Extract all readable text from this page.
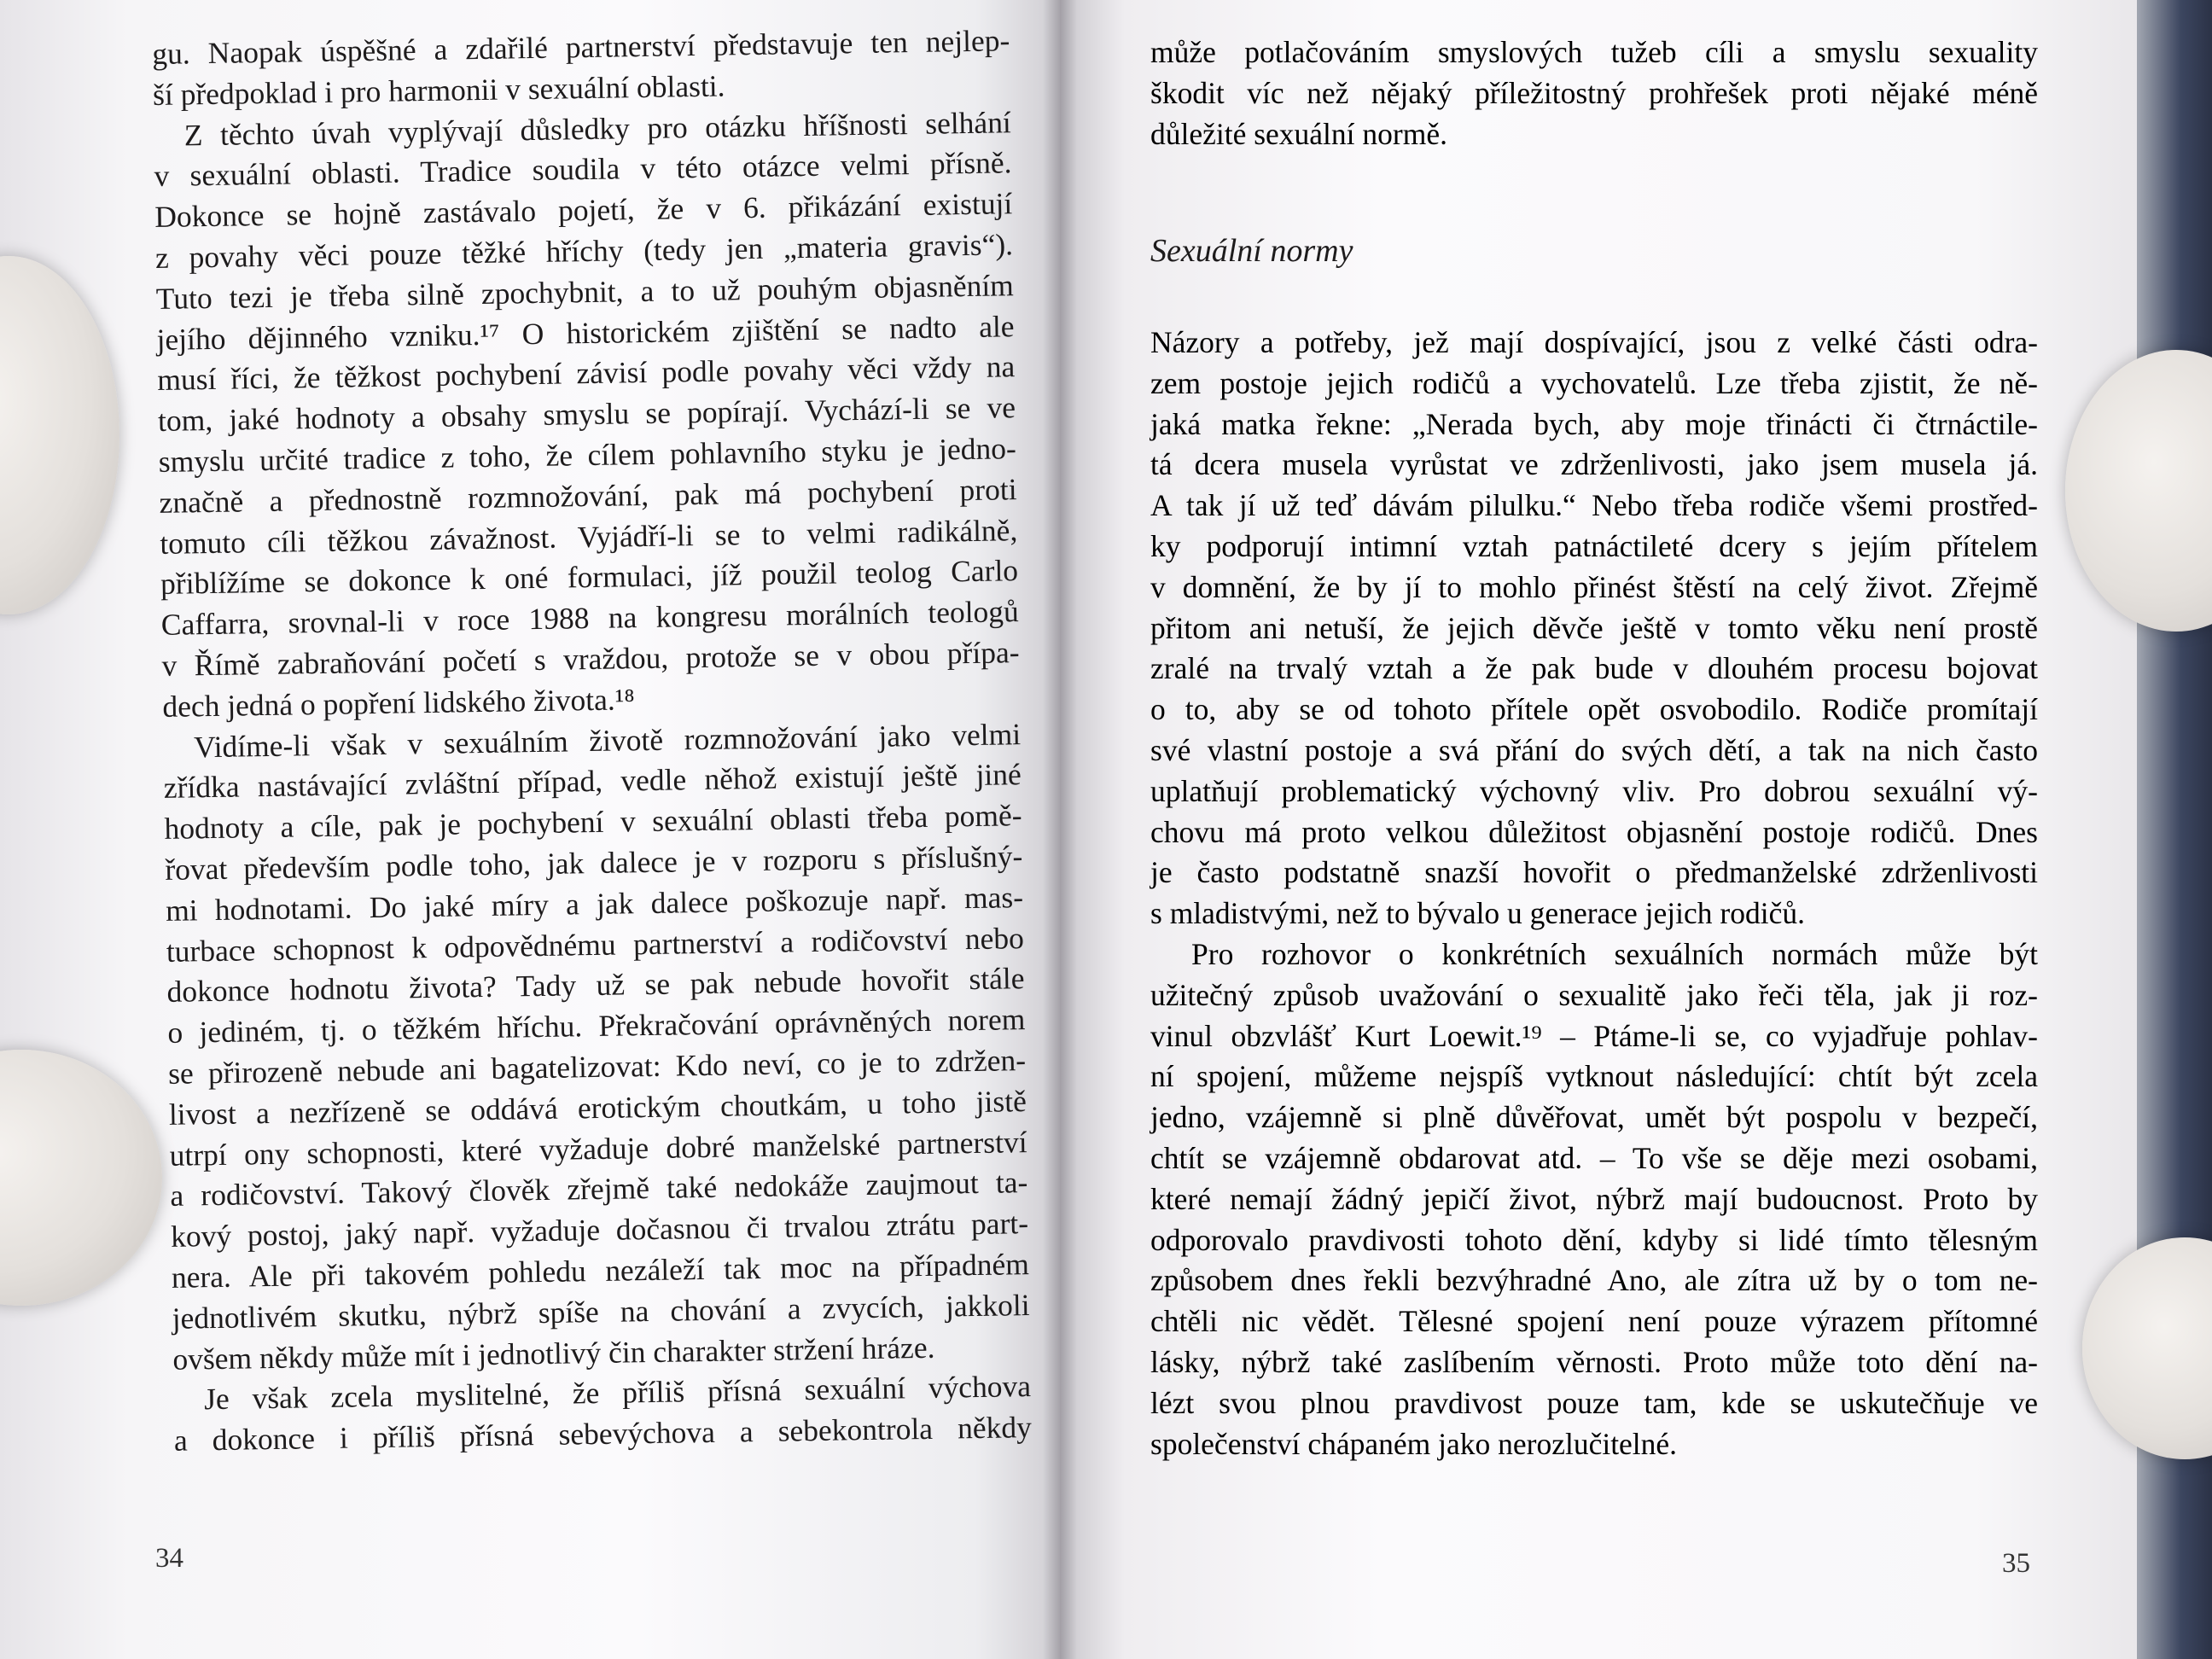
gu. Naopak úspěšné a zdařilé partnerství představuje ten nejlep-
ší předpoklad i pro harmonii v sexuální oblasti.
Z těchto úvah vyplývají důsledky pro otázku hříšnosti selhání
v sexuální oblasti. Tradice soudila v této otázce velmi přísně.
Dokonce se hojně zastávalo pojetí, že v 6. přikázání existují
z povahy věci pouze těžké hříchy (tedy jen „materia gravis“).
Tuto tezi je třeba silně zpochybnit, a to už pouhým objasněním
jejího dějinného vzniku.¹⁷ O historickém zjištění se nadto ale
musí říci, že těžkost pochybení závisí podle povahy věci vždy na
tom, jaké hodnoty a obsahy smyslu se popírají. Vychází-li se ve
smyslu určité tradice z toho, že cílem pohlavního styku je jedno-
značně a přednostně rozmnožování, pak má pochybení proti
tomuto cíli těžkou závažnost. Vyjádří-li se to velmi radikálně,
přiblížíme se dokonce k oné formulaci, jíž použil teolog Carlo
Caffarra, srovnal-li v roce 1988 na kongresu morálních teologů
v Římě zabraňování početí s vraždou, protože se v obou přípa-
dech jedná o popření lidského života.¹⁸
Vidíme-li však v sexuálním životě rozmnožování jako velmi
zřídka nastávající zvláštní případ, vedle něhož existují ještě jiné
hodnoty a cíle, pak je pochybení v sexuální oblasti třeba pomě-
řovat především podle toho, jak dalece je v rozporu s příslušný-
mi hodnotami. Do jaké míry a jak dalece poškozuje např. mas-
turbace schopnost k odpovědnému partnerství a rodičovství nebo
dokonce hodnotu života? Tady už se pak nebude hovořit stále
o jediném, tj. o těžkém hříchu. Překračování oprávněných norem
se přirozeně nebude ani bagatelizovat: Kdo neví, co je to zdržen-
livost a nezřízeně se oddává erotickým choutkám, u toho jistě
utrpí ony schopnosti, které vyžaduje dobré manželské partnerství
a rodičovství. Takový člověk zřejmě také nedokáže zaujmout ta-
kový postoj, jaký např. vyžaduje dočasnou či trvalou ztrátu part-
nera. Ale při takovém pohledu nezáleží tak moc na případném
jednotlivém skutku, nýbrž spíše na chování a zvycích, jakkoli
ovšem někdy může mít i jednotlivý čin charakter stržení hráze.
Je však zcela myslitelné, že příliš přísná sexuální výchova
a dokonce i příliš přísná sebevýchova a sebekontrola někdy
34
může potlačováním smyslových tužeb cíli a smyslu sexuality
škodit víc než nějaký příležitostný prohřešek proti nějaké méně
důležité sexuální normě.
Sexuální normy
Názory a potřeby, jež mají dospívající, jsou z velké části odra-
zem postoje jejich rodičů a vychovatelů. Lze třeba zjistit, že ně-
jaká matka řekne: „Nerada bych, aby moje třinácti či čtrnáctile-
tá dcera musela vyrůstat ve zdrženlivosti, jako jsem musela já.
A tak jí už teď dávám pilulku.“ Nebo třeba rodiče všemi prostřed-
ky podporují intimní vztah patnáctileté dcery s jejím přítelem
v domnění, že by jí to mohlo přinést štěstí na celý život. Zřejmě
přitom ani netuší, že jejich děvče ještě v tomto věku není prostě
zralé na trvalý vztah a že pak bude v dlouhém procesu bojovat
o to, aby se od tohoto přítele opět osvobodilo. Rodiče promítají
své vlastní postoje a svá přání do svých dětí, a tak na nich často
uplatňují problematický výchovný vliv. Pro dobrou sexuální vý-
chovu má proto velkou důležitost objasnění postoje rodičů. Dnes
je často podstatně snazší hovořit o předmanželské zdrženlivosti
s mladistvými, než to bývalo u generace jejich rodičů.
Pro rozhovor o konkrétních sexuálních normách může být
užitečný způsob uvažování o sexualitě jako řeči těla, jak ji roz-
vinul obzvlášť Kurt Loewit.¹⁹ – Ptáme-li se, co vyjadřuje pohlav-
ní spojení, můžeme nejspíš vytknout následující: chtít být zcela
jedno, vzájemně si plně důvěřovat, umět být pospolu v bezpečí,
chtít se vzájemně obdarovat atd. – To vše se děje mezi osobami,
které nemají žádný jepičí život, nýbrž mají budoucnost. Proto by
odporovalo pravdivosti tohoto dění, kdyby si lidé tímto tělesným
způsobem dnes řekli bezvýhradné Ano, ale zítra už by o tom ne-
chtěli nic vědět. Tělesné spojení není pouze výrazem přítomné
lásky, nýbrž také zaslíbením věrnosti. Proto může toto dění na-
lézt svou plnou pravdivost pouze tam, kde se uskutečňuje ve
společenství chápaném jako nerozlučitelné.
35
